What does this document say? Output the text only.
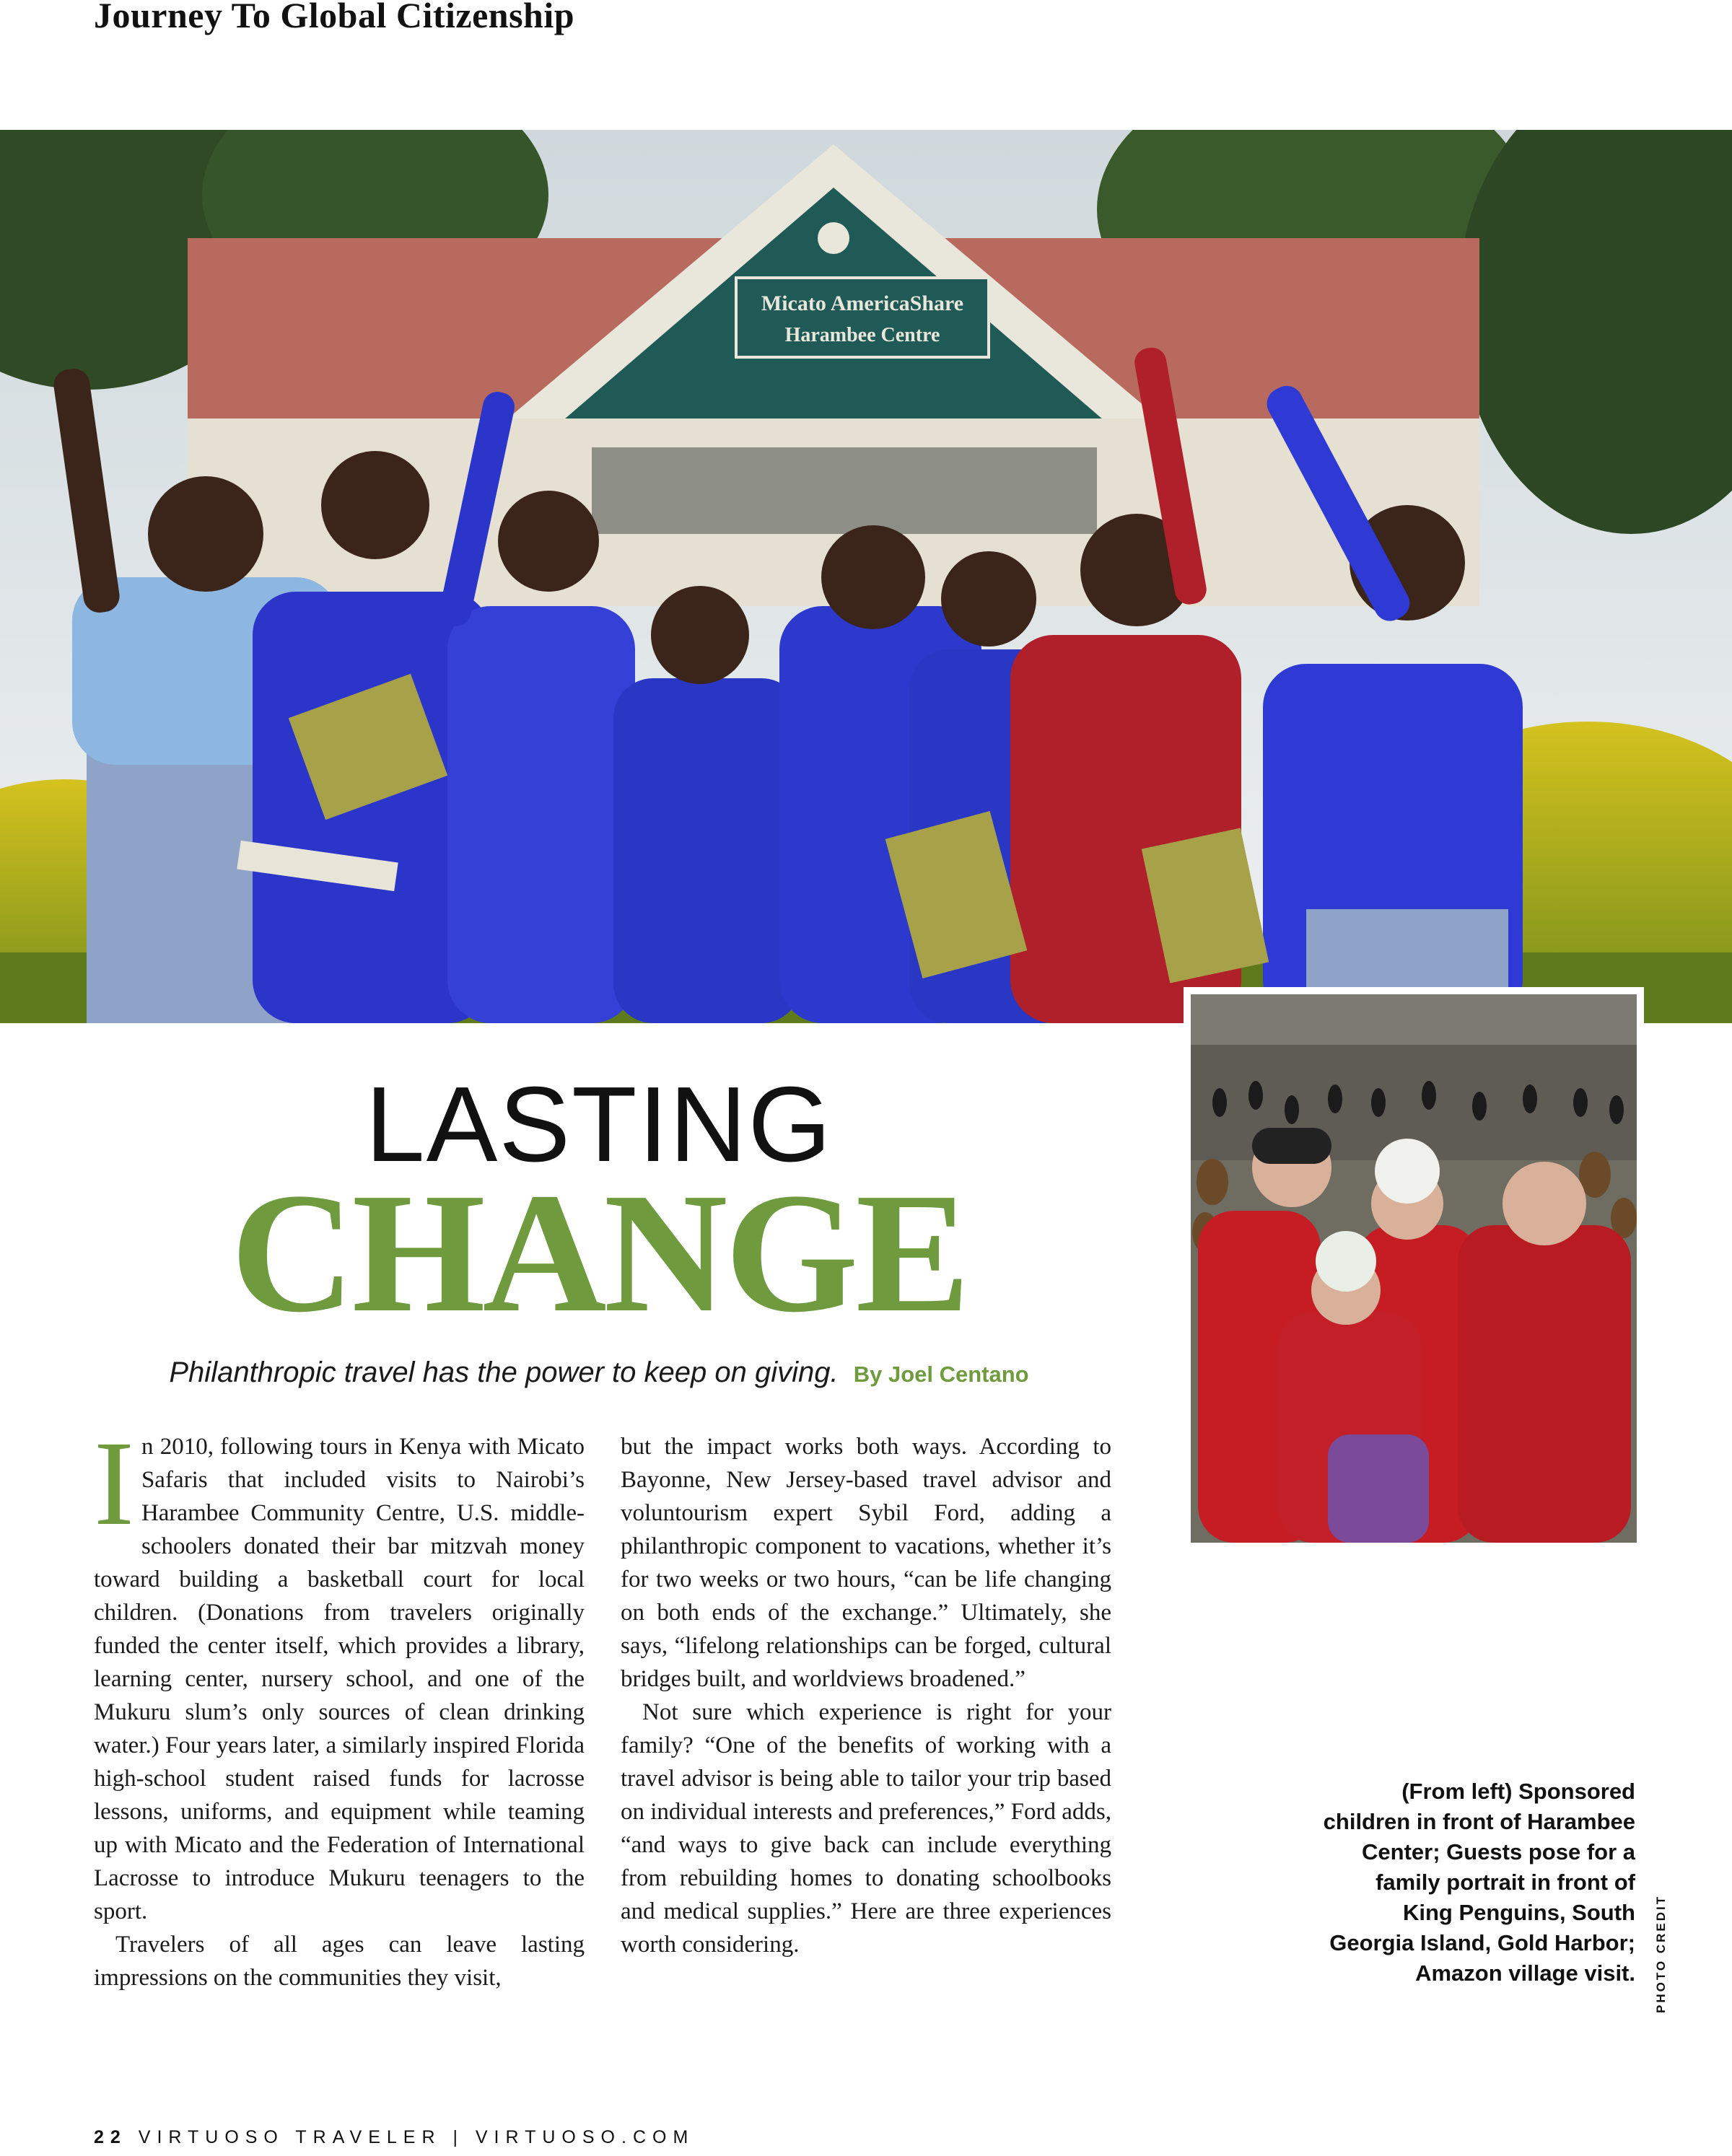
Journey To Global Citizenship
Micato AmericaShare
Harambee Centre
LASTING
CHANGE
Philanthropic travel has the power to keep on giving. By Joel Centano

I n 2010, following tours in Kenya with Micato Safaris that included visits to Nairobi’s Harambee Community Centre, U.S. middle-schoolers donated their bar mitzvah money toward building a basketball court for local children. (Donations from travelers originally funded the center itself, which provides a library, learning center, nursery school, and one of the Mukuru slum’s only sources of clean drinking water.) Four years later, a similarly inspired Florida high-school student raised funds for lacrosse lessons, uniforms, and equipment while teaming up with Micato and the Federation of International Lacrosse to introduce Mukuru teenagers to the sport.

Travelers of all ages can leave lasting impressions on the communities they visit,

but the impact works both ways. According to Bayonne, New Jersey-based travel advisor and voluntourism expert Sybil Ford, adding a philanthropic component to vacations, whether it’s for two weeks or two hours, “can be life changing on both ends of the exchange.” Ultimately, she says, “lifelong relationships can be forged, cultural bridges built, and worldviews broadened.”

Not sure which experience is right for your family? “One of the benefits of working with a travel advisor is being able to tailor your trip based on individual interests and preferences,” Ford adds, “and ways to give back can include everything from rebuilding homes to donating schoolbooks and medical supplies.” Here are three experiences worth considering.

(From left) Sponsored children in front of Harambee Center; Guests pose for a family portrait in front of King Penguins, South Georgia Island, Gold Harbor; Amazon village visit. PHOTO CREDIT
22 VIRTUOSO TRAVELER | VIRTUOSO.COM
